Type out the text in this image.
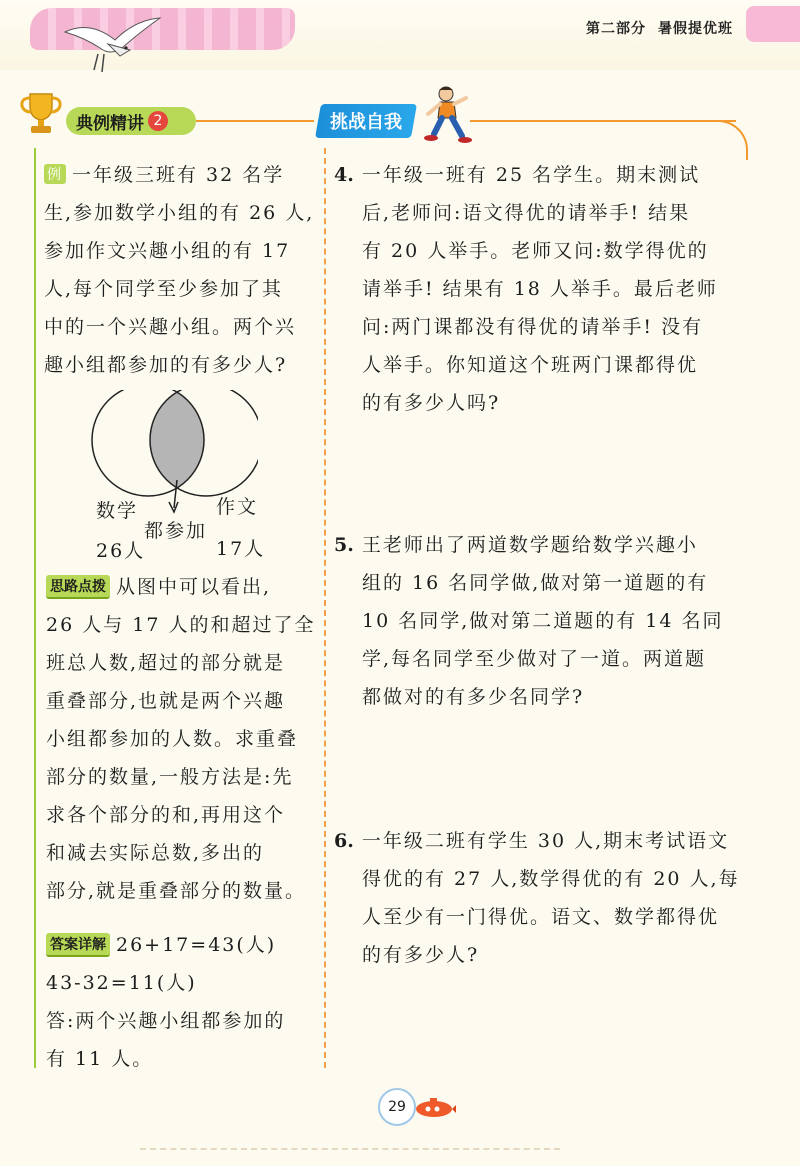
第二部分 暑假提优班
典例精讲 2	挑战自我
例 一年级三班有 32 名学
生,参加数学小组的有 26 人,
参加作文兴趣小组的有 17
人,每个同学至少参加了其
中的一个兴趣小组。两个兴
趣小组都参加的有多少人?
数学	作文
都参加
26人	17人
思路点拨 从图中可以看出,
26 人与 17 人的和超过了全
班总人数,超过的部分就是
重叠部分,也就是两个兴趣
小组都参加的人数。求重叠
部分的数量,一般方法是:先
求各个部分的和,再用这个
和减去实际总数,多出的
部分,就是重叠部分的数量。
答案详解 26+17=43(人)
43-32=11(人)
答:两个兴趣小组都参加的
有 11 人。
4. 一年级一班有 25 名学生。期末测试
后,老师问:语文得优的请举手! 结果
有 20 人举手。老师又问:数学得优的
请举手! 结果有 18 人举手。最后老师
问:两门课都没有得优的请举手! 没有
人举手。你知道这个班两门课都得优
的有多少人吗?
5. 王老师出了两道数学题给数学兴趣小
组的 16 名同学做,做对第一道题的有
10 名同学,做对第二道题的有 14 名同
学,每名同学至少做对了一道。两道题
都做对的有多少名同学?
6. 一年级二班有学生 30 人,期末考试语文
得优的有 27 人,数学得优的有 20 人,每
人至少有一门得优。语文、数学都得优
的有多少人?
29
